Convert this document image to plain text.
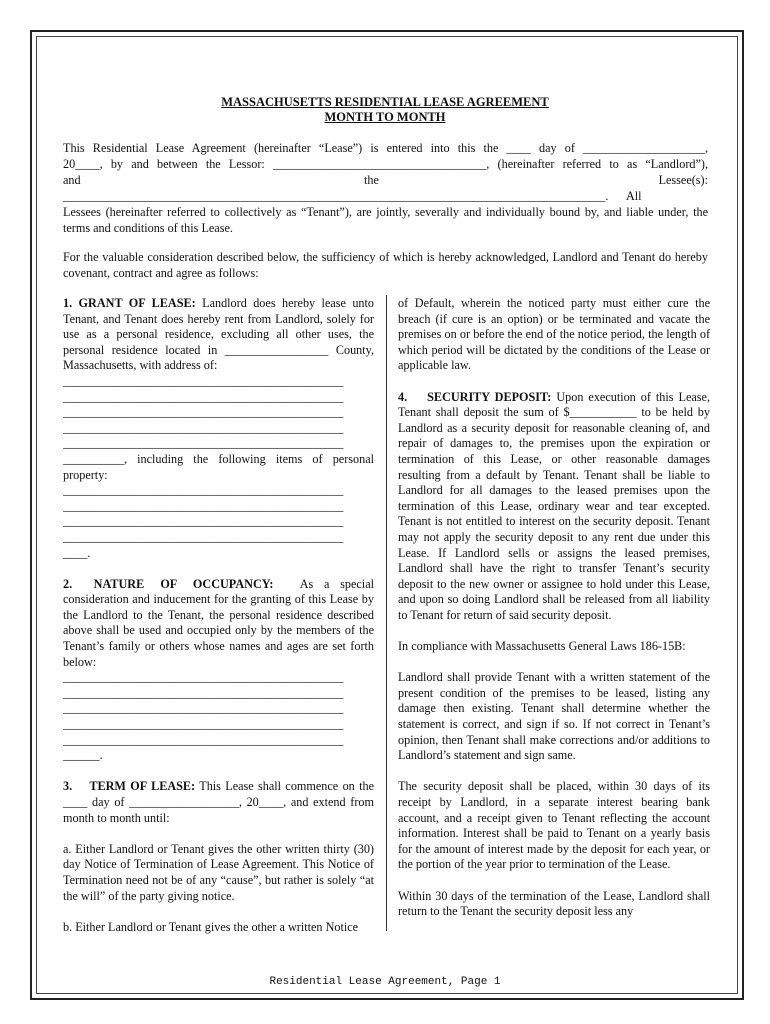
MASSACHUSETTS RESIDENTIAL LEASE AGREEMENT
MONTH TO MONTH
This Residential Lease Agreement (hereinafter “Lease”) is entered into this the ____ day of ____________________,
20____, by and between the Lessor: ___________________________________, (hereinafter referred to as “Landlord”),
and                                                                           the                                                                          Lessee(s):
_________________________________________________________________________________________.      All
Lessees (hereinafter referred to collectively as “Tenant”), are jointly, severally and individually bound by, and liable under, the terms and conditions of this Lease.
For the valuable consideration described below, the sufficiency of which is hereby acknowledged, Landlord and Tenant do hereby covenant, contract and agree as follows:
1. GRANT OF LEASE: Landlord does hereby lease unto Tenant, and Tenant does hereby rent from Landlord, solely for use as a personal residence, excluding all other uses, the personal residence located in _________________ County, Massachusetts, with address of:
______________________________________________
______________________________________________
______________________________________________
______________________________________________
______________________________________________
__________, including the following items of personal property:
______________________________________________
______________________________________________
______________________________________________
______________________________________________
____.
2.    NATURE   OF   OCCUPANCY:     As  a  special consideration and inducement for the granting of this Lease by the Landlord to the Tenant, the personal residence described above shall be used and occupied only by the members of the Tenant’s family or others whose names and ages are set forth below:
______________________________________________
______________________________________________
______________________________________________
______________________________________________
______________________________________________
______.
3.    TERM OF LEASE: This Lease shall commence on the ____ day of __________________, 20____, and extend from month to month until:
a. Either Landlord or Tenant gives the other written thirty (30) day Notice of Termination of Lease Agreement. This Notice of Termination need not be of any “cause”, but rather is solely “at the will” of the party giving notice.
b. Either Landlord or Tenant gives the other a written Notice
of Default, wherein the noticed party must either cure the breach (if cure is an option) or be terminated and vacate the premises on or before the end of the notice period, the length of which period will be dictated by the conditions of the Lease or applicable law.
4.    SECURITY DEPOSIT: Upon execution of this Lease, Tenant shall deposit the sum of $___________ to be held by Landlord as a security deposit for reasonable cleaning of, and repair of damages to, the premises upon the expiration or termination of this Lease, or other reasonable damages resulting from a default by Tenant. Tenant shall be liable to Landlord for all damages to the leased premises upon the termination of this Lease, ordinary wear and tear excepted. Tenant is not entitled to interest on the security deposit. Tenant may not apply the security deposit to any rent due under this Lease. If Landlord sells or assigns the leased premises, Landlord shall have the right to transfer Tenant’s security deposit to the new owner or assignee to hold under this Lease, and upon so doing Landlord shall be released from all liability to Tenant for return of said security deposit.
In compliance with Massachusetts General Laws 186-15B:
Landlord shall provide Tenant with a written statement of the present condition of the premises to be leased, listing any damage then existing. Tenant shall determine whether the statement is correct, and sign if so. If not correct in Tenant’s opinion, then Tenant shall make corrections and/or additions to Landlord’s statement and sign same.
The security deposit shall be placed, within 30 days of its receipt by Landlord, in a separate interest bearing bank account, and a receipt given to Tenant reflecting the account information. Interest shall be paid to Tenant on a yearly basis for the amount of interest made by the deposit for each year, or the portion of the year prior to termination of the Lease.
Within 30 days of the termination of the Lease, Landlord shall return to the Tenant the security deposit less any
Residential Lease Agreement, Page 1
